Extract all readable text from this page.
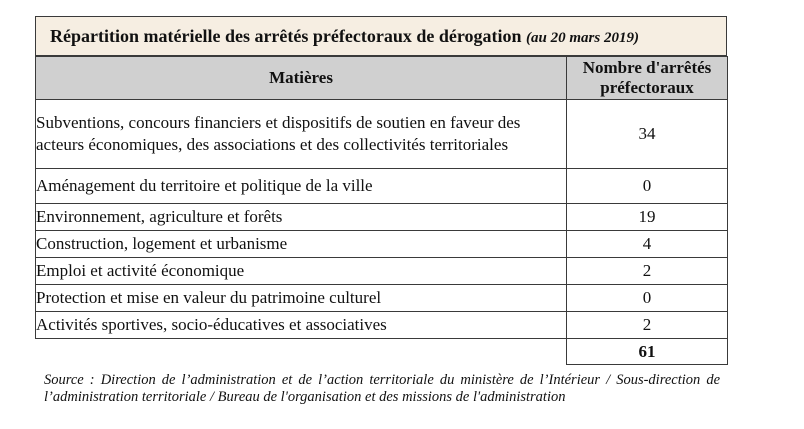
Répartition matérielle des arrêtés préfectoraux de dérogation (au 20 mars 2019)
Matières	Nombre d'arrêtés préfectoraux
Subventions, concours financiers et dispositifs de soutien en faveur des acteurs économiques, des associations et des collectivités territoriales	34
Aménagement du territoire et politique de la ville	0
Environnement, agriculture et forêts	19
Construction, logement et urbanisme	4
Emploi et activité économique	2
Protection et mise en valeur du patrimoine culturel	0
Activités sportives, socio-éducatives et associatives	2
	61
Source : Direction de l’administration et de l’action territoriale du ministère de l’Intérieur / Sous-direction de l’administration territoriale / Bureau de l'organisation et des missions de l'administration
